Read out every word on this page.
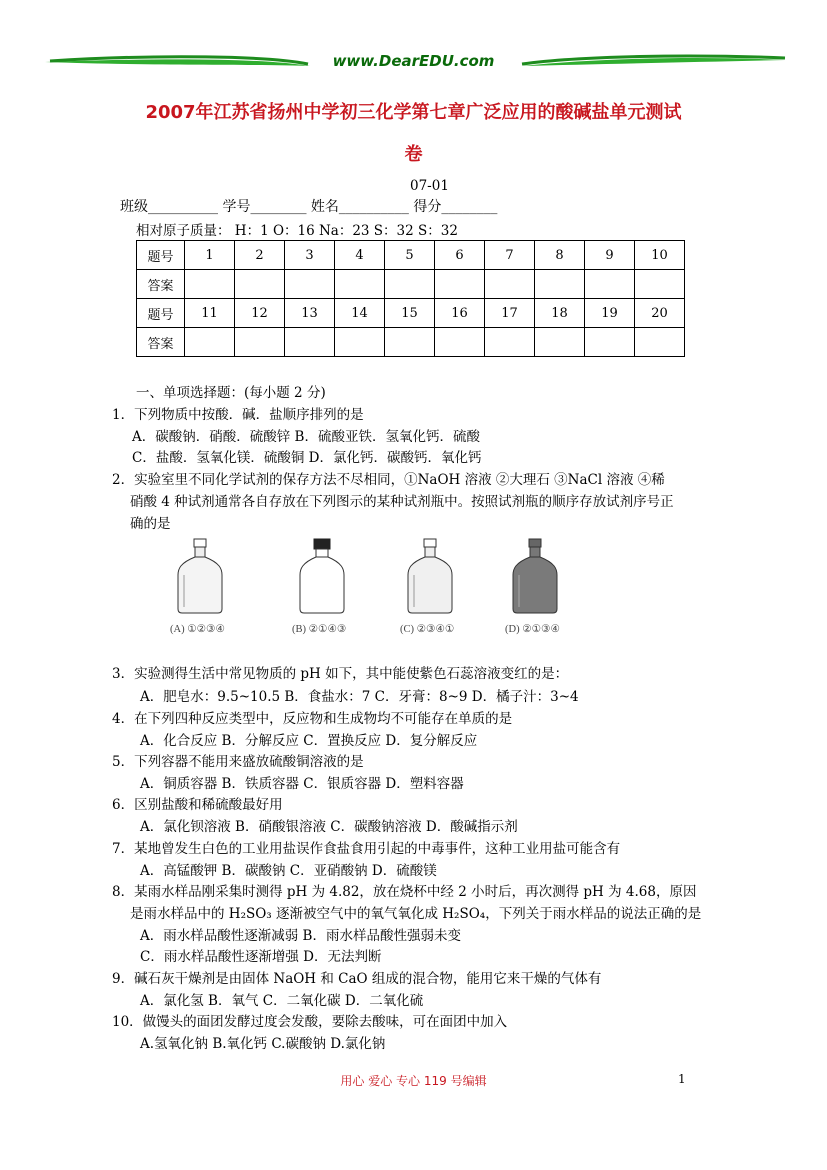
www.DearEDU.com
2007年江苏省扬州中学初三化学第七章广泛应用的酸碱盐单元测试
卷
07-01
班级__________ 学号________ 姓名__________ 得分________
相对原子质量： H：1 O：16 Na：23 S：32 S：32
题号	1	2	3	4	5	6	7	8	9	10
答案										
题号	11	12	13	14	15	16	17	18	19	20
答案										
一、单项选择题：(每小题 2 分)
1．下列物质中按酸．碱．盐顺序排列的是
A．碳酸钠．硝酸．硫酸锌 B．硫酸亚铁．氢氧化钙．硫酸
C．盐酸．氢氧化镁．硫酸铜 D．氯化钙．碳酸钙．氧化钙
2．实验室里不同化学试剂的保存方法不尽相同，①NaOH 溶液 ②大理石 ③NaCl 溶液 ④稀
硝酸 4 种试剂通常各自存放在下列图示的某种试剂瓶中。按照试剂瓶的顺序存放试剂序号正
确的是
(A) ①②③④	(B) ②①④③	(C) ②③④①	(D) ②①③④
3．实验测得生活中常见物质的 pH 如下，其中能使紫色石蕊溶液变红的是：
A．肥皂水：9.5~10.5 B．食盐水：7 C．牙膏：8~9 D．橘子汁：3~4
4．在下列四种反应类型中，反应物和生成物均不可能存在单质的是
A．化合反应 B．分解反应 C．置换反应 D．复分解反应
5．下列容器不能用来盛放硫酸铜溶液的是
A．铜质容器 B．铁质容器 C．银质容器 D．塑料容器
6．区别盐酸和稀硫酸最好用
A．氯化钡溶液 B．硝酸银溶液 C．碳酸钠溶液 D．酸碱指示剂
7．某地曾发生白色的工业用盐误作食盐食用引起的中毒事件，这种工业用盐可能含有
A．高锰酸钾 B．碳酸钠 C．亚硝酸钠 D．硫酸镁
8．某雨水样品刚采集时测得 pH 为 4.82，放在烧杯中经 2 小时后，再次测得 pH 为 4.68，原因
是雨水样品中的 H₂SO₃ 逐渐被空气中的氧气氧化成 H₂SO₄，下列关于雨水样品的说法正确的是
A．雨水样品酸性逐渐减弱 B．雨水样品酸性强弱未变
C．雨水样品酸性逐渐增强 D．无法判断
9．碱石灰干燥剂是由固体 NaOH 和 CaO 组成的混合物，能用它来干燥的气体有
A．氯化氢 B．氧气 C．二氧化碳 D．二氧化硫
10．做馒头的面团发酵过度会发酸，要除去酸味，可在面团中加入
A.氢氧化钠 B.氧化钙 C.碳酸钠 D.氯化钠
用心 爱心 专心 119 号编辑	1
